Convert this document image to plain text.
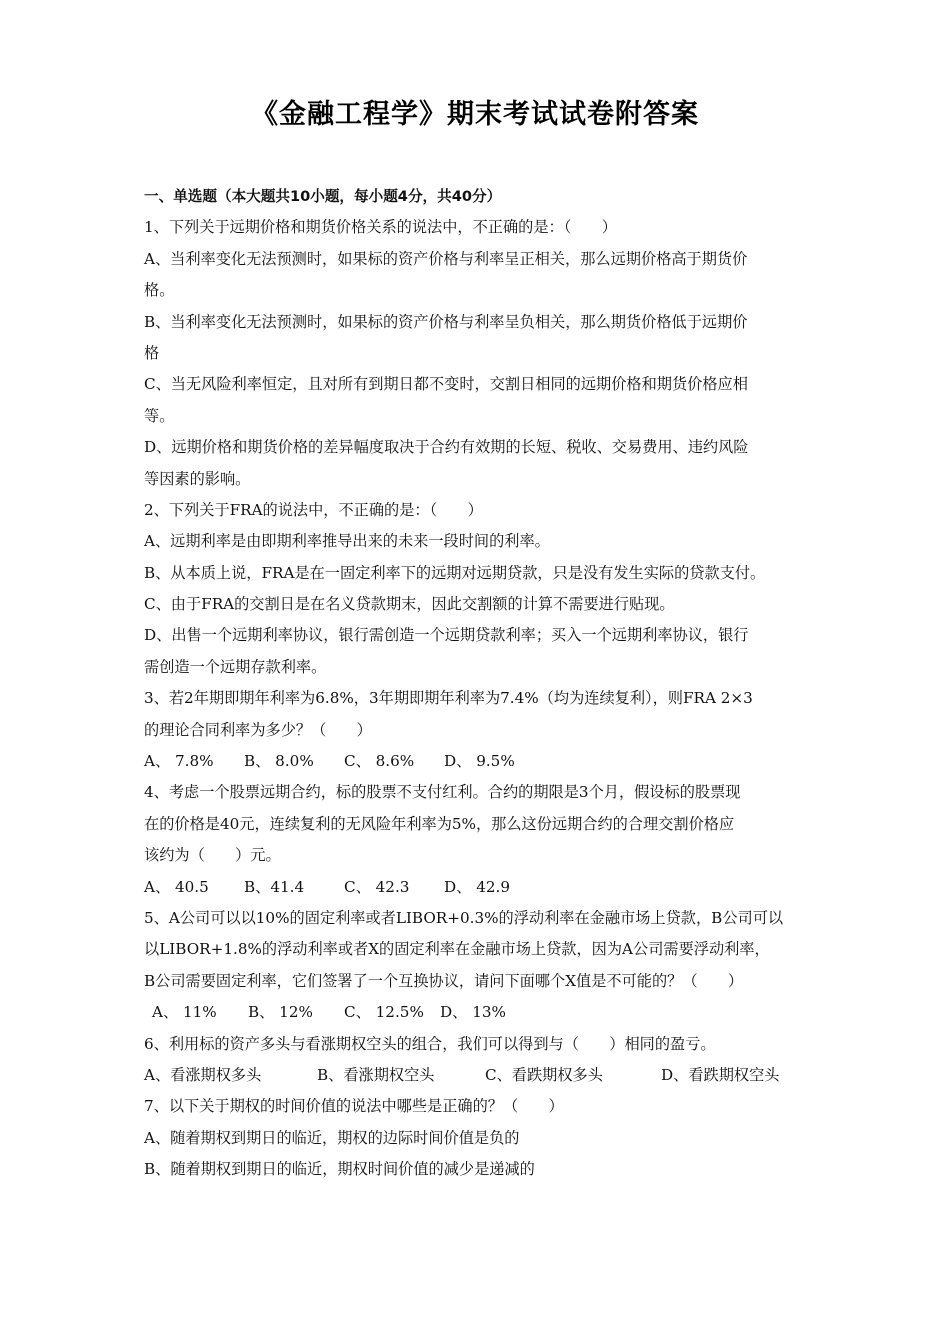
《金融工程学》期末考试试卷附答案
一、单选题（本大题共10小题，每小题4分，共40分）
1、下列关于远期价格和期货价格关系的说法中，不正确的是：（　　）
A、当利率变化无法预测时，如果标的资产价格与利率呈正相关，那么远期价格高于期货价
格。
B、当利率变化无法预测时，如果标的资产价格与利率呈负相关，那么期货价格低于远期价
格
C、当无风险利率恒定，且对所有到期日都不变时，交割日相同的远期价格和期货价格应相
等。
D、远期价格和期货价格的差异幅度取决于合约有效期的长短、税收、交易费用、违约风险
等因素的影响。
2、下列关于FRA的说法中，不正确的是：（　　）
A、远期利率是由即期利率推导出来的未来一段时间的利率。
B、从本质上说，FRA是在一固定利率下的远期对远期贷款，只是没有发生实际的贷款支付。
C、由于FRA的交割日是在名义贷款期末，因此交割额的计算不需要进行贴现。
D、出售一个远期利率协议，银行需创造一个远期贷款利率；买入一个远期利率协议，银行
需创造一个远期存款利率。
3、若2年期即期年利率为6.8%，3年期即期年利率为7.4%（均为连续复利），则FRA 2×3
的理论合同利率为多少？（　　）
A、 7.8% B、 8.0% C、 8.6% D、 9.5%
4、考虑一个股票远期合约，标的股票不支付红利。合约的期限是3个月，假设标的股票现
在的价格是40元，连续复利的无风险年利率为5%，那么这份远期合约的合理交割价格应
该约为（　　）元。
A、 40.5 B、41.4	C、 42.3 D、 42.9
5、A公司可以以10%的固定利率或者LIBOR+0.3%的浮动利率在金融市场上贷款，B公司可以
以LIBOR+1.8%的浮动利率或者X的固定利率在金融市场上贷款，因为A公司需要浮动利率，
B公司需要固定利率，它们签署了一个互换协议，请问下面哪个X值是不可能的？（　　）
A、 11% B、 12% C、 12.5% D、 13%
6、利用标的资产多头与看涨期权空头的组合，我们可以得到与（　　）相同的盈亏。
A、看涨期权多头	B、看涨期权空头	C、看跌期权多头	D、看跌期权空头
7、以下关于期权的时间价值的说法中哪些是正确的？（　　）
A、随着期权到期日的临近，期权的边际时间价值是负的
B、随着期权到期日的临近，期权时间价值的减少是递减的
